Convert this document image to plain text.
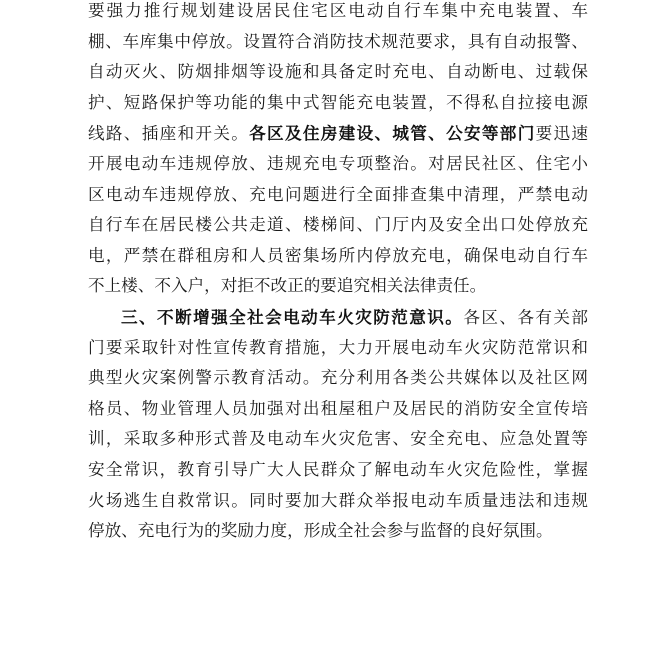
要强力推行规划建设居民住宅区电动自行车集中充电装置、车
棚、车库集中停放。设置符合消防技术规范要求，具有自动报警、
自动灭火、防烟排烟等设施和具备定时充电、自动断电、过载保
护、短路保护等功能的集中式智能充电装置，不得私自拉接电源
线路、插座和开关。各区及住房建设、城管、公安等部门要迅速
开展电动车违规停放、违规充电专项整治。对居民社区、住宅小
区电动车违规停放、充电问题进行全面排查集中清理，严禁电动
自行车在居民楼公共走道、楼梯间、门厅内及安全出口处停放充
电，严禁在群租房和人员密集场所内停放充电，确保电动自行车
不上楼、不入户，对拒不改正的要追究相关法律责任。
三、不断增强全社会电动车火灾防范意识。各区、各有关部
门要采取针对性宣传教育措施，大力开展电动车火灾防范常识和
典型火灾案例警示教育活动。充分利用各类公共媒体以及社区网
格员、物业管理人员加强对出租屋租户及居民的消防安全宣传培
训，采取多种形式普及电动车火灾危害、安全充电、应急处置等
安全常识，教育引导广大人民群众了解电动车火灾危险性，掌握
火场逃生自救常识。同时要加大群众举报电动车质量违法和违规
停放、充电行为的奖励力度，形成全社会参与监督的良好氛围。
